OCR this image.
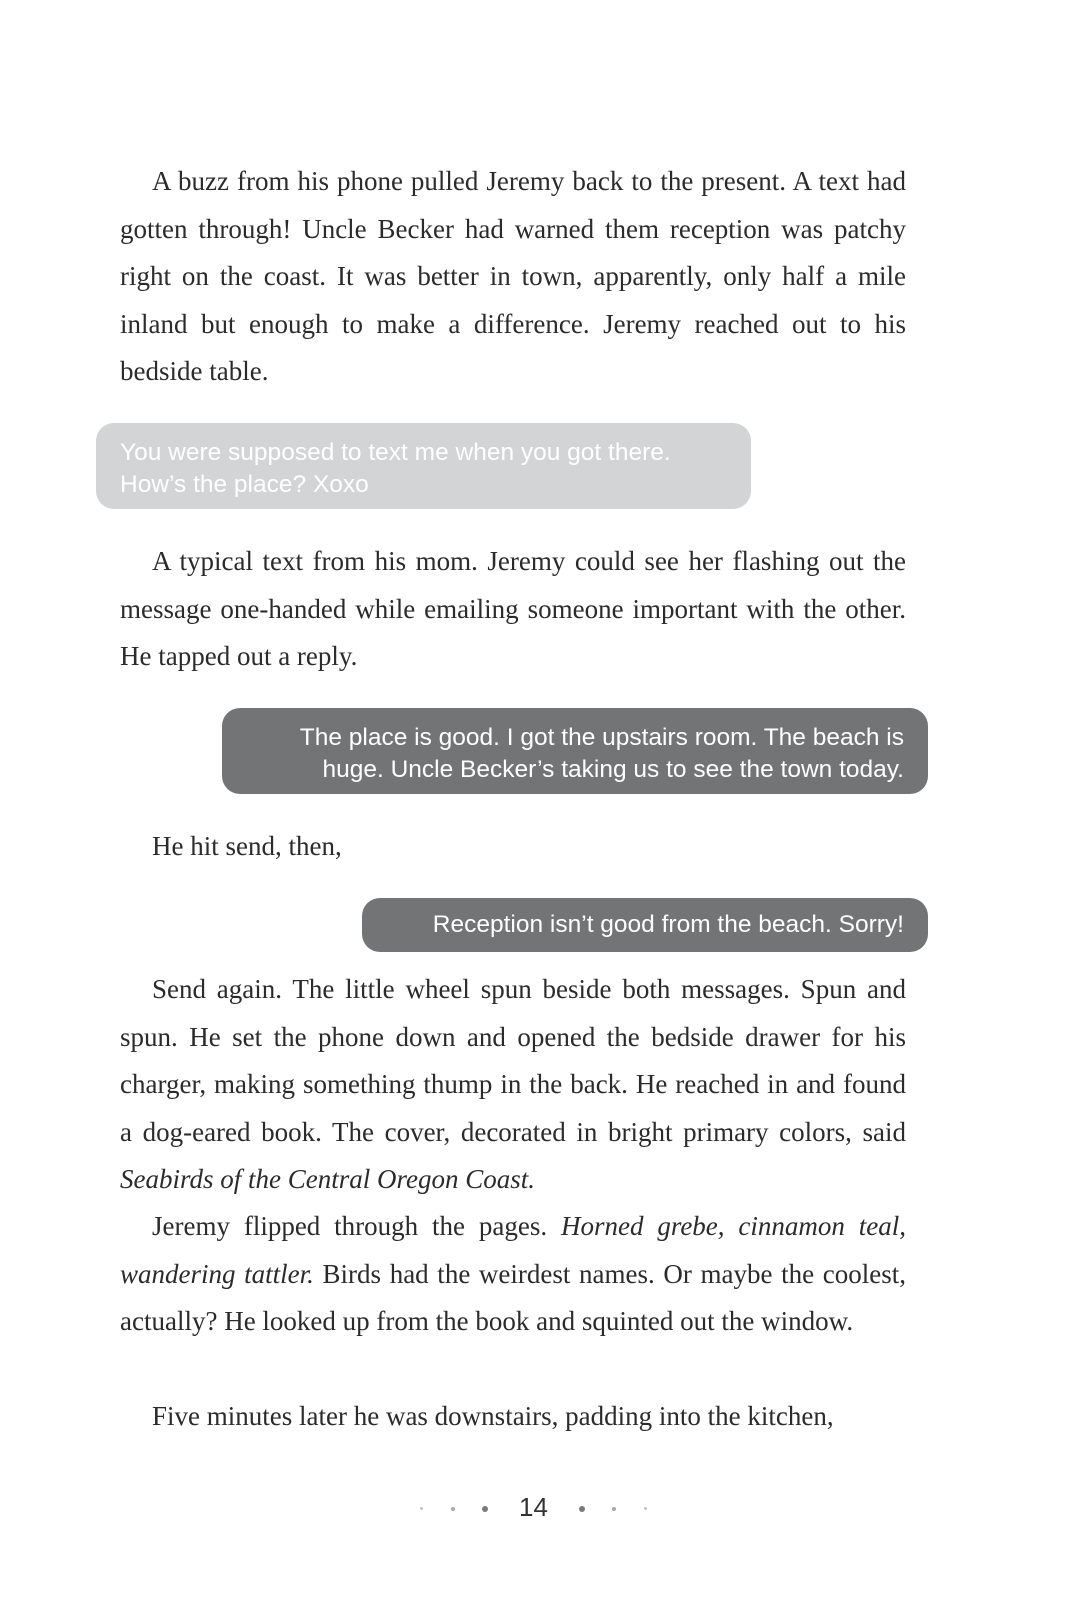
A buzz from his phone pulled Jeremy back to the present. A text had gotten through! Uncle Becker had warned them reception was patchy right on the coast. It was better in town, apparently, only half a mile inland but enough to make a difference. Jeremy reached out to his bedside table.

You were supposed to text me when you got there.
How’s the place? Xoxo

A typical text from his mom. Jeremy could see her flashing out the message one-handed while emailing someone important with the other. He tapped out a reply.

The place is good. I got the upstairs room. The beach is
huge. Uncle Becker’s taking us to see the town today.

He hit send, then,

Reception isn’t good from the beach. Sorry!

Send again. The little wheel spun beside both messages. Spun and spun. He set the phone down and opened the bedside drawer for his charger, making something thump in the back. He reached in and found a dog-eared book. The cover, decorated in bright primary colors, said Seabirds of the Central Oregon Coast.

Jeremy flipped through the pages. Horned grebe, cinnamon teal, wandering tattler. Birds had the weirdest names. Or maybe the coolest, actually? He looked up from the book and squinted out the window.

Five minutes later he was downstairs, padding into the kitchen,

14
